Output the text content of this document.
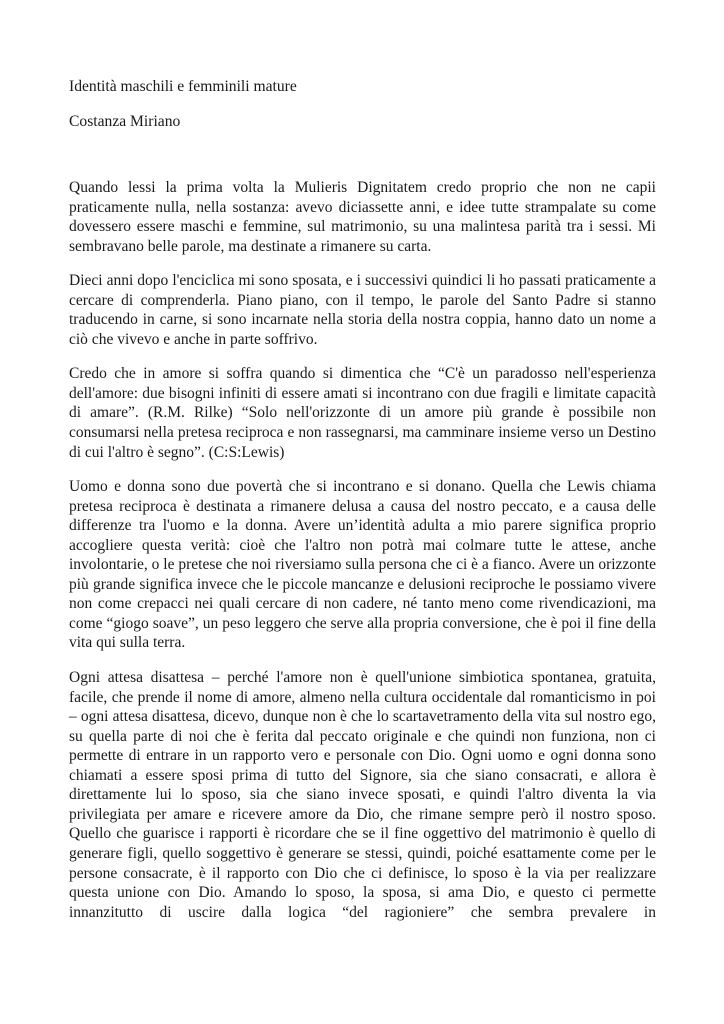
Identità maschili e femminili mature

Costanza Miriano

Quando lessi la prima volta la Mulieris Dignitatem credo proprio che non ne capii praticamente nulla, nella sostanza: avevo diciassette anni, e idee tutte strampalate su come dovessero essere maschi e femmine, sul matrimonio, su una malintesa parità tra i sessi. Mi sembravano belle parole, ma destinate a rimanere su carta.

Dieci anni dopo l'enciclica mi sono sposata, e i successivi quindici li ho passati praticamente a cercare di comprenderla. Piano piano, con il tempo, le parole del Santo Padre si stanno traducendo in carne, si sono incarnate nella storia della nostra coppia, hanno dato un nome a ciò che vivevo e anche in parte soffrivo.

Credo che in amore si soffra quando si dimentica che “C'è un paradosso nell'esperienza dell'amore: due bisogni infiniti di essere amati si incontrano con due fragili e limitate capacità di amare”. (R.M. Rilke) “Solo nell'orizzonte di un amore più grande è possibile non consumarsi nella pretesa reciproca e non rassegnarsi, ma camminare insieme verso un Destino di cui l'altro è segno”. (C:S:Lewis)

Uomo e donna sono due povertà che si incontrano e si donano. Quella che Lewis chiama pretesa reciproca è destinata a rimanere delusa a causa del nostro peccato, e a causa delle differenze tra l'uomo e la donna. Avere un’identità adulta a mio parere significa proprio accogliere questa verità: cioè che l'altro non potrà mai colmare tutte le attese, anche involontarie, o le pretese che noi riversiamo sulla persona che ci è a fianco. Avere un orizzonte più grande significa invece che le piccole mancanze e delusioni reciproche le possiamo vivere non come crepacci nei quali cercare di non cadere, né tanto meno come rivendicazioni, ma come “giogo soave”, un peso leggero che serve alla propria conversione, che è poi il fine della vita qui sulla terra.

Ogni attesa disattesa – perché l'amore non è quell'unione simbiotica spontanea, gratuita, facile, che prende il nome di amore, almeno nella cultura occidentale dal romanticismo in poi – ogni attesa disattesa, dicevo, dunque non è che lo scartavetramento della vita sul nostro ego, su quella parte di noi che è ferita dal peccato originale e che quindi non funziona, non ci permette di entrare in un rapporto vero e personale con Dio. Ogni uomo e ogni donna sono chiamati a essere sposi prima di tutto del Signore, sia che siano consacrati, e allora è direttamente lui lo sposo, sia che siano invece sposati, e quindi l'altro diventa la via privilegiata per amare e ricevere amore da Dio, che rimane sempre però il nostro sposo. Quello che guarisce i rapporti è ricordare che se il fine oggettivo del matrimonio è quello di generare figli, quello soggettivo è generare se stessi, quindi, poiché esattamente come per le persone consacrate, è il rapporto con Dio che ci definisce, lo sposo è la via per realizzare questa unione con Dio. Amando lo sposo, la sposa, si ama Dio, e questo ci permette innanzitutto di uscire dalla logica “del ragioniere” che sembra prevalere in
